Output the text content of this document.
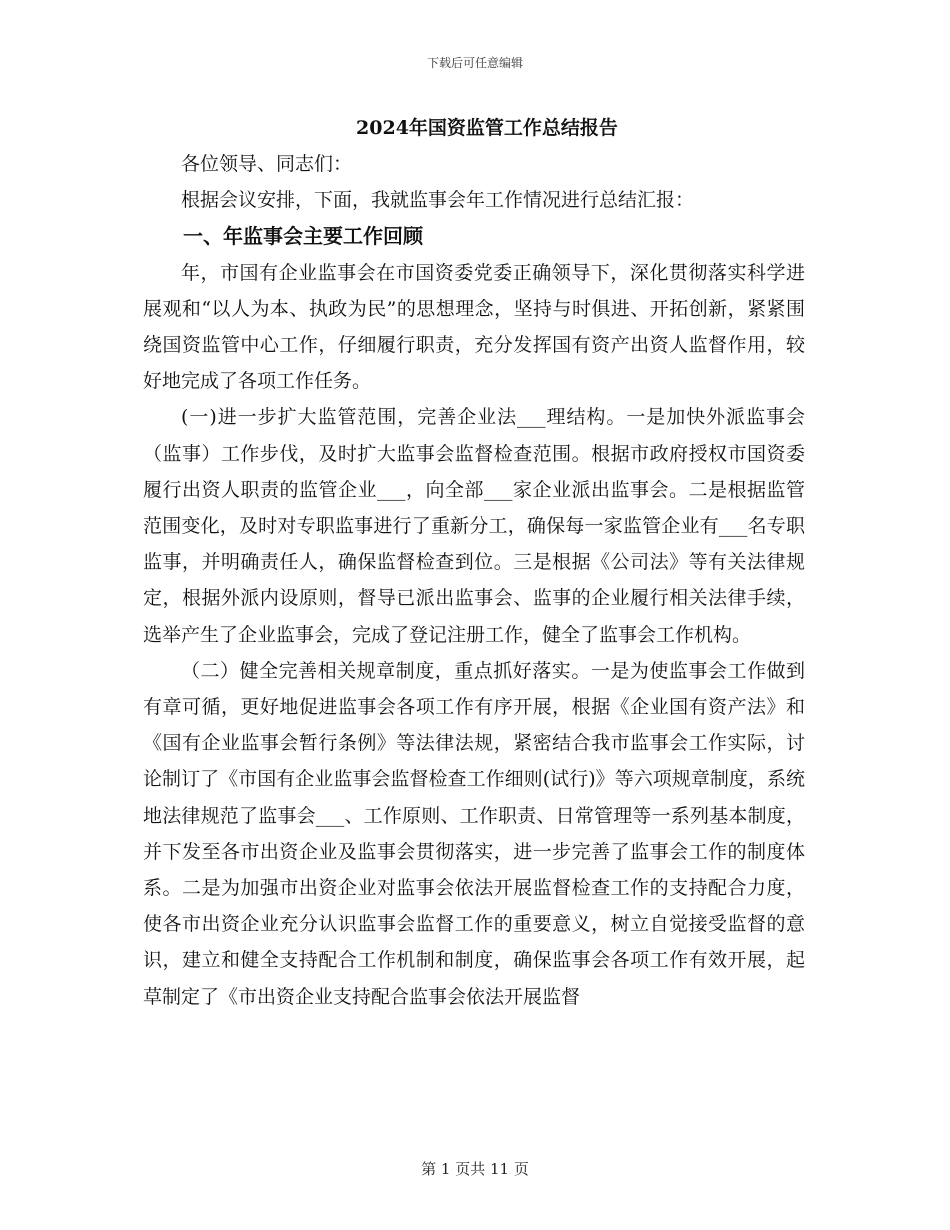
下载后可任意编辑
2024年国资监管工作总结报告

各位领导、同志们：

根据会议安排，下面，我就监事会年工作情况进行总结汇报：

一、年监事会主要工作回顾

年，市国有企业监事会在市国资委党委正确领导下，深化贯彻落实科学进展观和“以人为本、执政为民”的思想理念，坚持与时俱进、开拓创新，紧紧围绕国资监管中心工作，仔细履行职责，充分发挥国有资产出资人监督作用，较好地完成了各项工作任务。

(一)进一步扩大监管范围，完善企业法___理结构。一是加快外派监事会（监事）工作步伐，及时扩大监事会监督检查范围。根据市政府授权市国资委履行出资人职责的监管企业___，向全部___家企业派出监事会。二是根据监管范围变化，及时对专职监事进行了重新分工，确保每一家监管企业有___名专职监事，并明确责任人，确保监督检查到位。三是根据《公司法》等有关法律规定，根据外派内设原则，督导已派出监事会、监事的企业履行相关法律手续，选举产生了企业监事会，完成了登记注册工作，健全了监事会工作机构。

（二）健全完善相关规章制度，重点抓好落实。一是为使监事会工作做到有章可循，更好地促进监事会各项工作有序开展，根据《企业国有资产法》和《国有企业监事会暂行条例》等法律法规，紧密结合我市监事会工作实际，讨论制订了《市国有企业监事会监督检查工作细则(试行)》等六项规章制度，系统地法律规范了监事会___、工作原则、工作职责、日常管理等一系列基本制度，并下发至各市出资企业及监事会贯彻落实，进一步完善了监事会工作的制度体系。二是为加强市出资企业对监事会依法开展监督检查工作的支持配合力度，使各市出资企业充分认识监事会监督工作的重要意义，树立自觉接受监督的意识，建立和健全支持配合工作机制和制度，确保监事会各项工作有效开展，起草制定了《市出资企业支持配合监事会依法开展监督

第 1 页共 11 页
